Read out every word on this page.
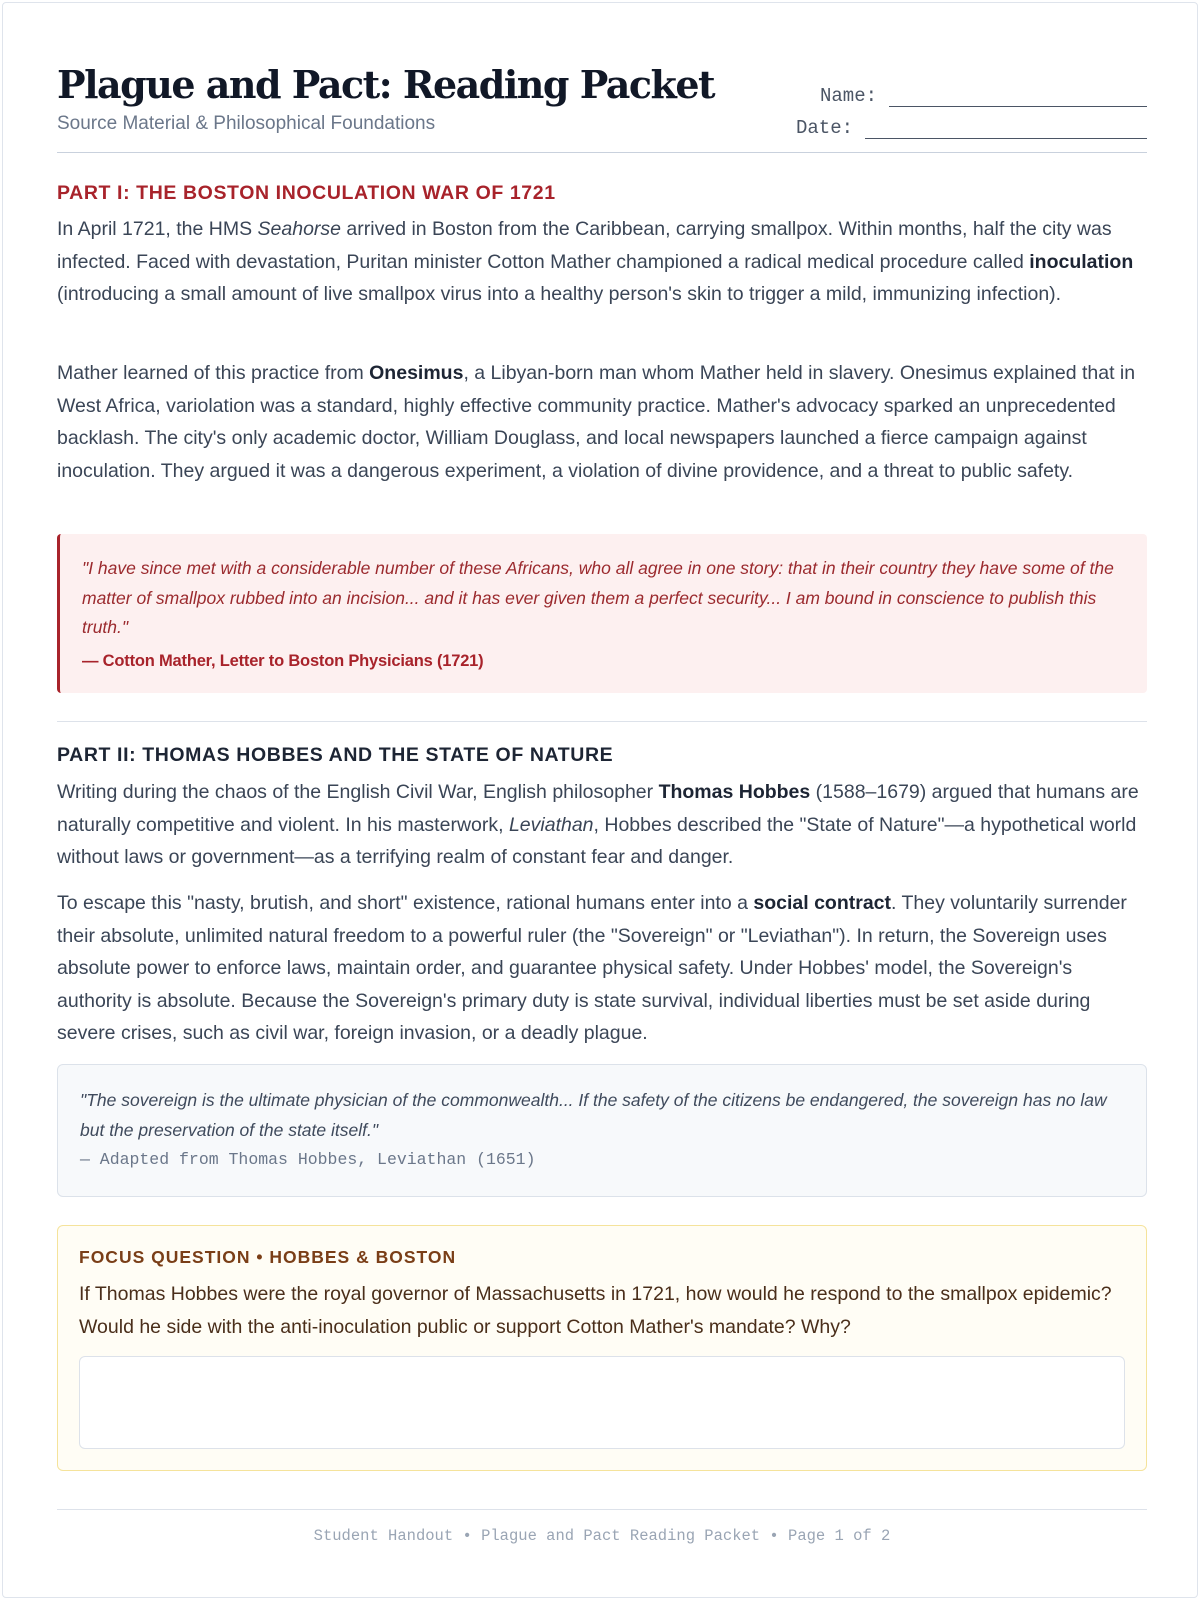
Plague and Pact: Reading Packet
Source Material & Philosophical Foundations
Name:
Date:
PART I: THE BOSTON INOCULATION WAR OF 1721

In April 1721, the HMS Seahorse arrived in Boston from the Caribbean, carrying smallpox. Within months, half the city was infected. Faced with devastation, Puritan minister Cotton Mather championed a radical medical procedure called inoculation (introducing a small amount of live smallpox virus into a healthy person's skin to trigger a mild, immunizing infection).

Mather learned of this practice from Onesimus, a Libyan-born man whom Mather held in slavery. Onesimus explained that in West Africa, variolation was a standard, highly effective community practice. Mather's advocacy sparked an unprecedented backlash. The city's only academic doctor, William Douglass, and local newspapers launched a fierce campaign against inoculation. They argued it was a dangerous experiment, a violation of divine providence, and a threat to public safety.

"I have since met with a considerable number of these Africans, who all agree in one story: that in their country they have some of the matter of smallpox rubbed into an incision... and it has ever given them a perfect security... I am bound in conscience to publish this truth."

— Cotton Mather, Letter to Boston Physicians (1721)

PART II: THOMAS HOBBES AND THE STATE OF NATURE

Writing during the chaos of the English Civil War, English philosopher Thomas Hobbes (1588–1679) argued that humans are naturally competitive and violent. In his masterwork, Leviathan, Hobbes described the "State of Nature"—a hypothetical world without laws or government—as a terrifying realm of constant fear and danger.

To escape this "nasty, brutish, and short" existence, rational humans enter into a social contract. They voluntarily surrender their absolute, unlimited natural freedom to a powerful ruler (the "Sovereign" or "Leviathan"). In return, the Sovereign uses absolute power to enforce laws, maintain order, and guarantee physical safety. Under Hobbes' model, the Sovereign's authority is absolute. Because the Sovereign's primary duty is state survival, individual liberties must be set aside during severe crises, such as civil war, foreign invasion, or a deadly plague.

"The sovereign is the ultimate physician of the commonwealth... If the safety of the citizens be endangered, the sovereign has no law but the preservation of the state itself."

— Adapted from Thomas Hobbes, Leviathan (1651)

FOCUS QUESTION • HOBBES & BOSTON

If Thomas Hobbes were the royal governor of Massachusetts in 1721, how would he respond to the smallpox epidemic? Would he side with the anti-inoculation public or support Cotton Mather's mandate? Why?

Student Handout • Plague and Pact Reading Packet • Page 1 of 2
